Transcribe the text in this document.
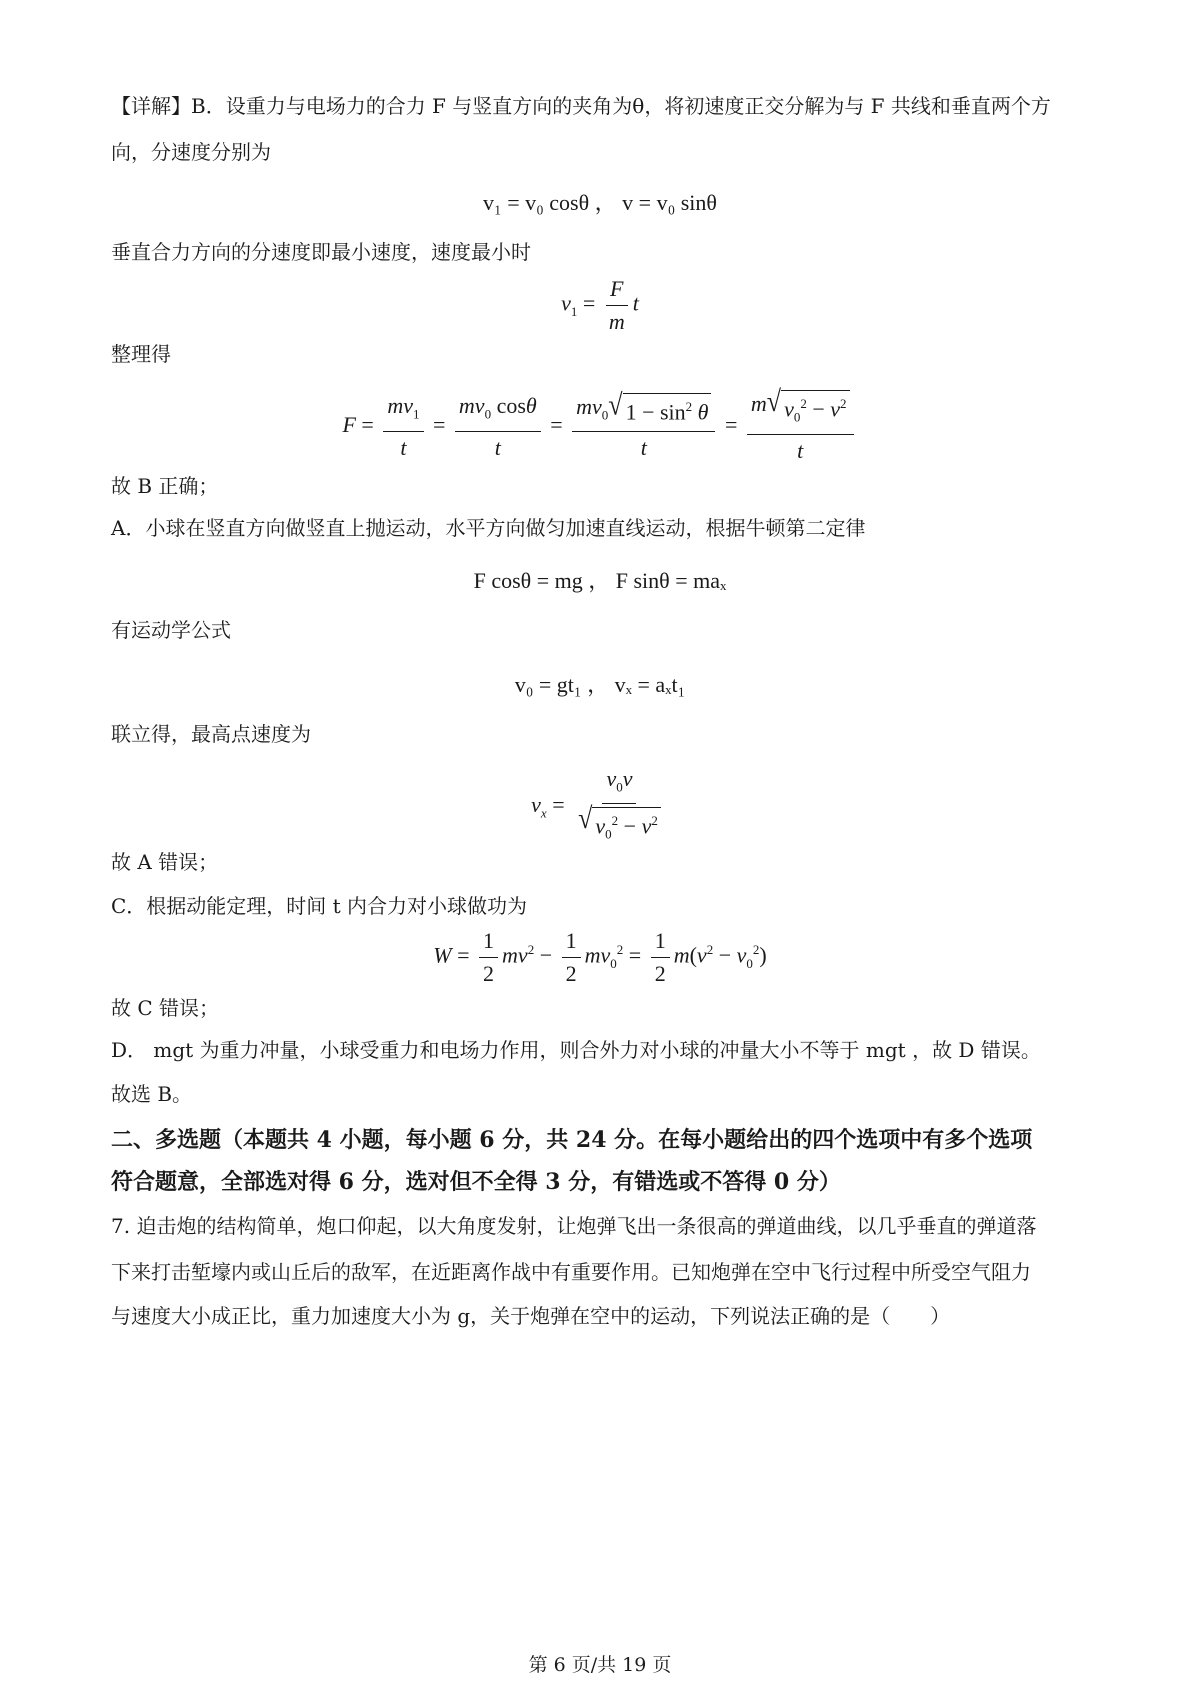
【详解】B．设重力与电场力的合力 F 与竖直方向的夹角为θ，将初速度正交分解为与 F 共线和垂直两个方
向，分速度分别为
v₁ = v₀ cosθ ， v = v₀ sinθ
垂直合力方向的分速度即最小速度，速度最小时
$v_1 = \frac{F}{m}$ t
整理得
$F = \frac{mv_1}{t} = \frac{mv_0 \cos\theta}{t} = \frac{mv_0 √ 1 - \sin^2 \theta}{t} = \frac{m √ v_0^2 - v^2}{t}$
故 B 正确；
A．小球在竖直方向做竖直上抛运动，水平方向做匀加速直线运动，根据牛顿第二定律
F cosθ = mg ， F sinθ = maₓ
有运动学公式
v₀ = gt₁ ， vₓ = aₓt₁
联立得，最高点速度为
$v_x = \frac{v_0v}{√ v_0^2 - v^2}$
故 A 错误；
C．根据动能定理，时间 t 内合力对小球做功为
$W = \frac{1}{2} mv^2 - \frac{1}{2} mv_0^2 = \frac{1}{2} m(v^2 - v_0^2)$
故 C 错误；
D． mgt 为重力冲量，小球受重力和电场力作用，则合外力对小球的冲量大小不等于 mgt ，故 D 错误。
故选 B。
二、多选题（本题共 4 小题，每小题 6 分，共 24 分。在每小题给出的四个选项中有多个选项
符合题意，全部选对得 6 分，选对但不全得 3 分，有错选或不答得 0 分）
7. 迫击炮的结构简单，炮口仰起，以大角度发射，让炮弹飞出一条很高的弹道曲线，以几乎垂直的弹道落
下来打击堑壕内或山丘后的敌军，在近距离作战中有重要作用。已知炮弹在空中飞行过程中所受空气阻力
与速度大小成正比，重力加速度大小为 g，关于炮弹在空中的运动，下列说法正确的是（　　）
第 6 页/共 19 页
